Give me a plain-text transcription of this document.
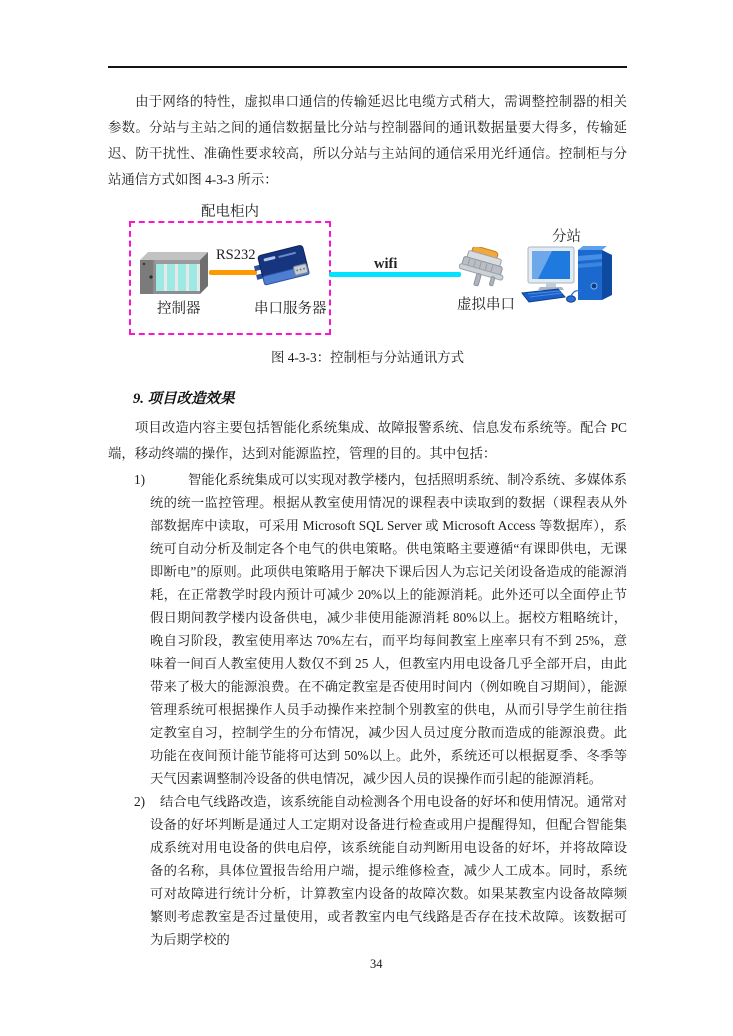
由于网络的特性，虚拟串口通信的传输延迟比电缆方式稍大，需调整控制器的相关参数。分站与主站之间的通信数据量比分站与控制器间的通讯数据量要大得多，传输延迟、防干扰性、准确性要求较高，所以分站与主站间的通信采用光纤通信。控制柜与分站通信方式如图 4-3-3 所示：
配电柜内
控制器
RS232
串口服务器
wifi
虚拟串口
分站
图 4-3-3：控制柜与分站通讯方式
9. 项目改造效果
项目改造内容主要包括智能化系统集成、故障报警系统、信息发布系统等。配合 PC 端，移动终端的操作，达到对能源监控，管理的目的。其中包括：
1)	智能化系统集成可以实现对教学楼内，包括照明系统、制冷系统、多媒体系统的统一监控管理。根据从教室使用情况的课程表中读取到的数据（课程表从外部数据库中读取，可采用 Microsoft SQL Server 或 Microsoft Access 等数据库），系统可自动分析及制定各个电气的供电策略。供电策略主要遵循“有课即供电，无课即断电”的原则。此项供电策略用于解决下课后因人为忘记关闭设备造成的能源消耗，在正常教学时段内预计可减少 20%以上的能源消耗。此外还可以全面停止节假日期间教学楼内设备供电，减少非使用能源消耗 80%以上。据校方粗略统计，晚自习阶段，教室使用率达 70%左右，而平均每间教室上座率只有不到 25%，意味着一间百人教室使用人数仅不到 25 人，但教室内用电设备几乎全部开启，由此带来了极大的能源浪费。在不确定教室是否使用时间内（例如晚自习期间），能源管理系统可根据操作人员手动操作来控制个别教室的供电，从而引导学生前往指定教室自习，控制学生的分布情况，减少因人员过度分散而造成的能源浪费。此功能在夜间预计能节能将可达到 50%以上。此外，系统还可以根据夏季、冬季等天气因素调整制冷设备的供电情况，减少因人员的误操作而引起的能源消耗。
2)	结合电气线路改造，该系统能自动检测各个用电设备的好坏和使用情况。通常对设备的好坏判断是通过人工定期对设备进行检查或用户提醒得知，但配合智能集成系统对用电设备的供电启停，该系统能自动判断用电设备的好坏，并将故障设备的名称，具体位置报告给用户端，提示维修检查，减少人工成本。同时，系统可对故障进行统计分析，计算教室内设备的故障次数。如果某教室内设备故障频繁则考虑教室是否过量使用，或者教室内电气线路是否存在技术故障。该数据可为后期学校的
34
